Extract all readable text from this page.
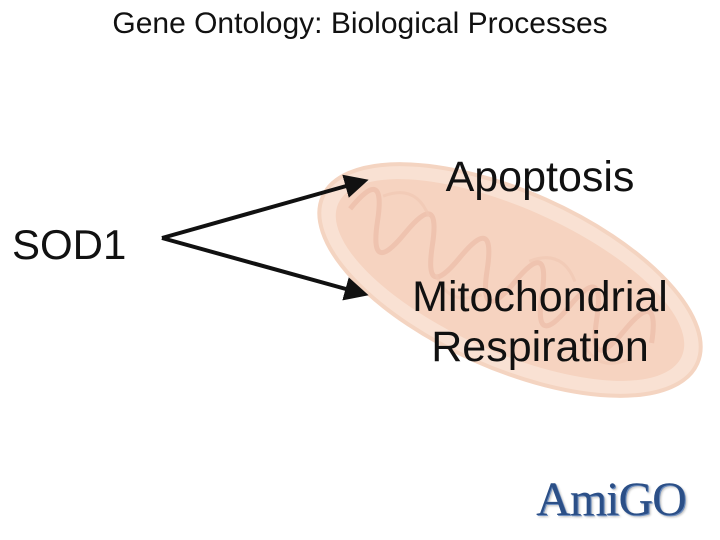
Gene Ontology: Biological Processes
SOD1
Apoptosis
Mitochondrial
Respiration
AmiGO
